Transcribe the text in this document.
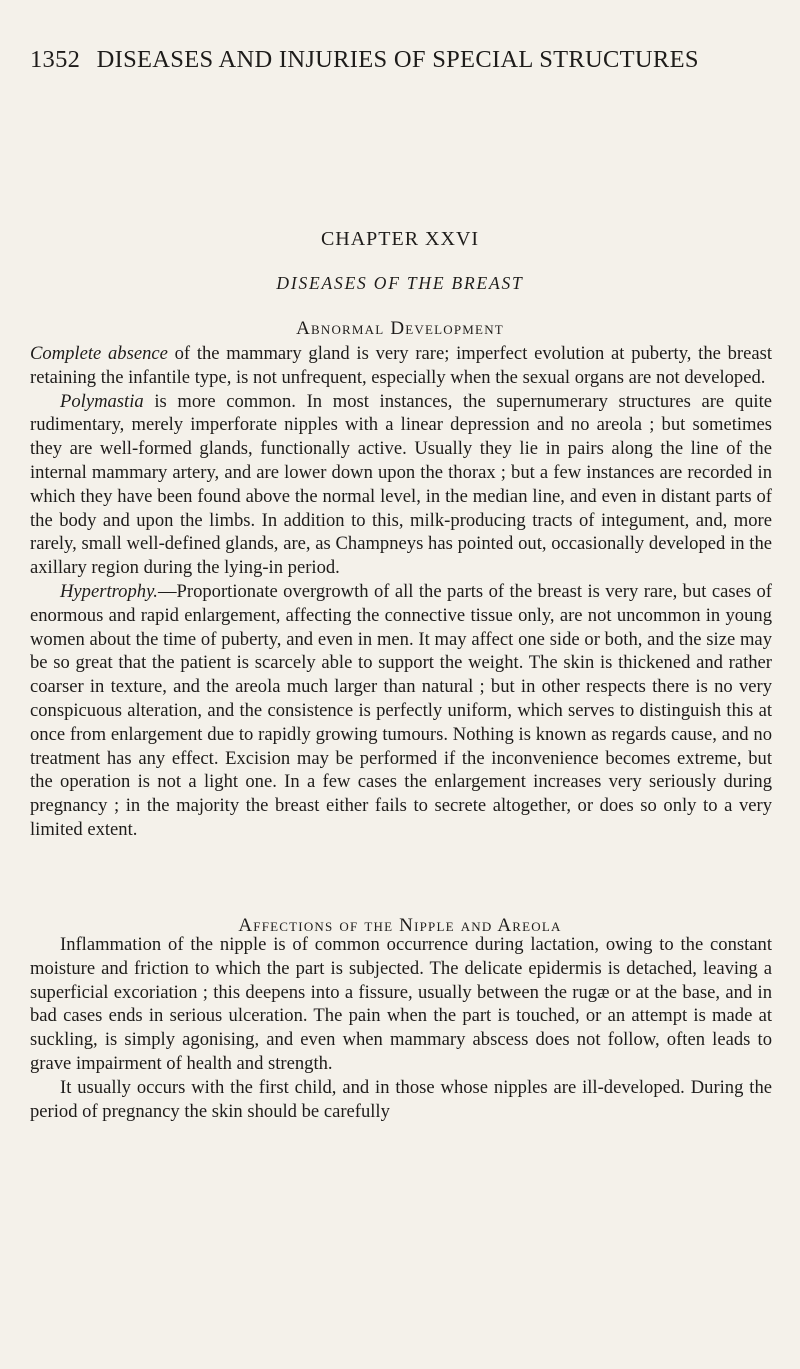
1352 DISEASES AND INJURIES OF SPECIAL STRUCTURES
CHAPTER XXVI
DISEASES OF THE BREAST
Abnormal Development

Complete absence of the mammary gland is very rare; imperfect evolution at puberty, the breast retaining the infantile type, is not unfrequent, especially when the sexual organs are not developed.

Polymastia is more common. In most instances, the supernumerary structures are quite rudimentary, merely imperforate nipples with a linear depression and no areola ; but sometimes they are well-formed glands, functionally active. Usually they lie in pairs along the line of the internal mammary artery, and are lower down upon the thorax ; but a few instances are recorded in which they have been found above the normal level, in the median line, and even in distant parts of the body and upon the limbs. In addition to this, milk-producing tracts of integument, and, more rarely, small well-defined glands, are, as Champneys has pointed out, occasionally developed in the axillary region during the lying-in period.

Hypertrophy.—Proportionate overgrowth of all the parts of the breast is very rare, but cases of enormous and rapid enlargement, affecting the connective tissue only, are not uncommon in young women about the time of puberty, and even in men. It may affect one side or both, and the size may be so great that the patient is scarcely able to support the weight. The skin is thickened and rather coarser in texture, and the areola much larger than natural ; but in other respects there is no very conspicuous alteration, and the consistence is perfectly uniform, which serves to distinguish this at once from enlargement due to rapidly growing tumours. Nothing is known as regards cause, and no treatment has any effect. Excision may be performed if the inconvenience becomes extreme, but the operation is not a light one. In a few cases the enlargement increases very seriously during pregnancy ; in the majority the breast either fails to secrete altogether, or does so only to a very limited extent.

Affections of the Nipple and Areola

Inflammation of the nipple is of common occurrence during lactation, owing to the constant moisture and friction to which the part is subjected. The delicate epidermis is detached, leaving a superficial excoriation ; this deepens into a fissure, usually between the rugæ or at the base, and in bad cases ends in serious ulceration. The pain when the part is touched, or an attempt is made at suckling, is simply agonising, and even when mammary abscess does not follow, often leads to grave impairment of health and strength.

It usually occurs with the first child, and in those whose nipples are ill-developed. During the period of pregnancy the skin should be carefully
